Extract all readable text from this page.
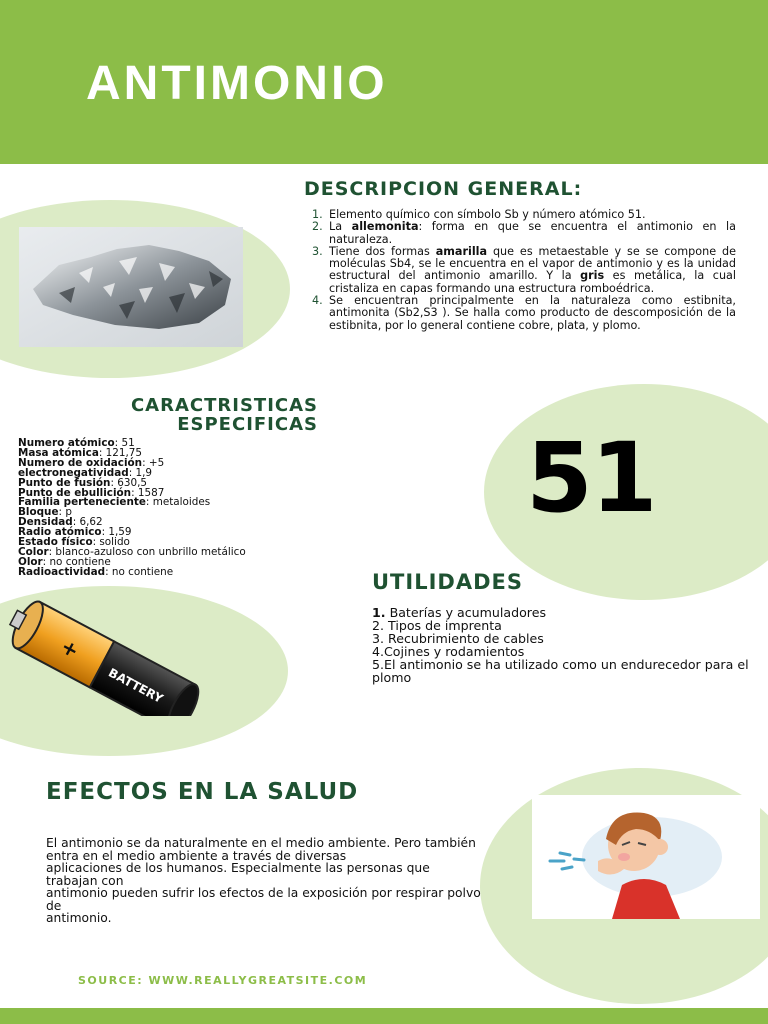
ANTIMONIO
DESCRIPCION GENERAL:
1. Elemento químico con símbolo Sb y número atómico 51.
2. La allemonita: forma en que se encuentra el antimonio en la naturaleza.
3. Tiene dos formas amarilla que es metaestable y se se compone de moléculas Sb4, se le encuentra en el vapor de antimonio y es la unidad estructural del antimonio amarillo. Y la gris es metálica, la cual cristaliza en capas formando una estructura romboédrica.
4. Se encuentran principalmente en la naturaleza como estibnita, antimonita (Sb2,S3 ). Se halla como producto de descomposición de la estibnita, por lo general contiene cobre, plata, y plomo.
CARACTRISTICAS
ESPECIFICAS
Numero atómico: 51
Masa atómica: 121,75
Numero de oxidación: +5
electronegatividad: 1,9
Punto de fusión: 630,5
Punto de ebullición: 1587
Familia perteneciente: metaloides
Bloque: p
Densidad: 6,62
Radio atómico: 1,59
Estado físico: solido
Color: blanco-azuloso con unbrillo metálico
Olor: no contiene
Radioactividad: no contiene
51
+
BATTERY
UTILIDADES
1. Baterías y acumuladores
2. Tipos de imprenta
3. Recubrimiento de cables
4.Cojines y rodamientos
5.El antimonio se ha utilizado como un endurecedor para el plomo
EFECTOS EN LA SALUD
El antimonio se da naturalmente en el medio ambiente. Pero también entra en el medio ambiente a través de diversas
aplicaciones de los humanos. Especialmente las personas que trabajan con
antimonio pueden sufrir los efectos de la exposición por respirar polvo de
antimonio.
SOURCE: WWW.REALLYGREATSITE.COM
